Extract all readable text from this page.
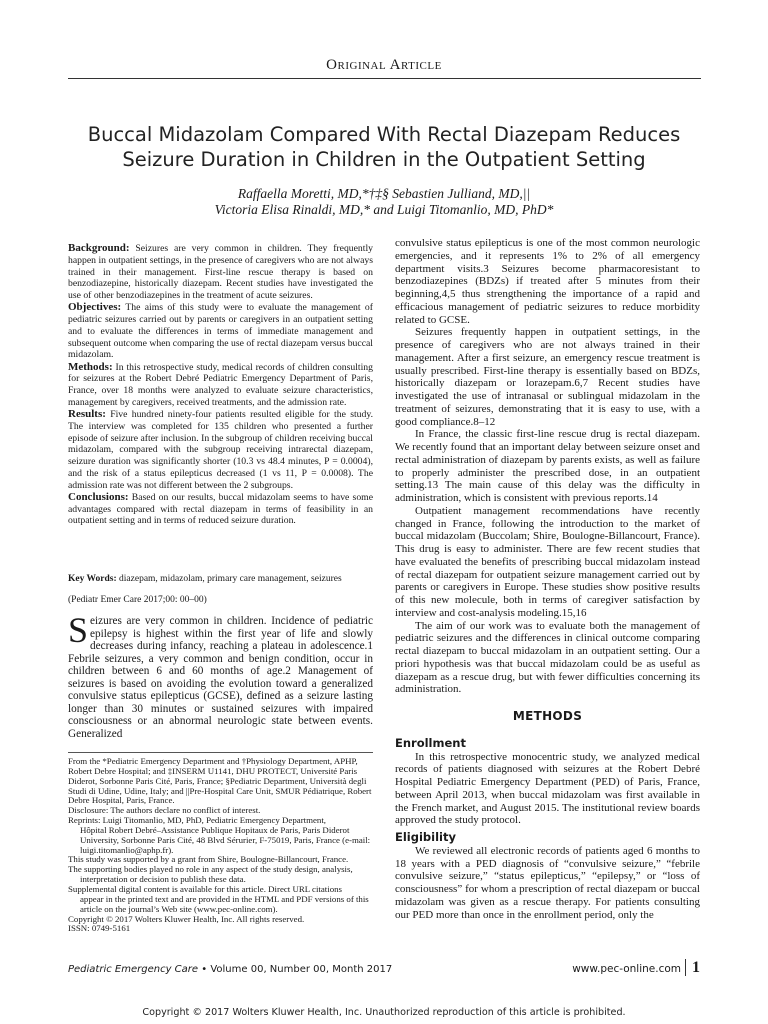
Original Article
Buccal Midazolam Compared With Rectal Diazepam Reduces Seizure Duration in Children in the Outpatient Setting
Raffaella Moretti, MD,*†‡§ Sebastien Julliand, MD,||
Victoria Elisa Rinaldi, MD,* and Luigi Titomanlio, MD, PhD*

Background: Seizures are very common in children. They frequently happen in outpatient settings, in the presence of caregivers who are not always trained in their management. First-line rescue therapy is based on benzodiazepine, historically diazepam. Recent studies have investigated the use of other benzodiazepines in the treatment of acute seizures.

Objectives: The aims of this study were to evaluate the management of pediatric seizures carried out by parents or caregivers in an outpatient setting and to evaluate the differences in terms of immediate management and subsequent outcome when comparing the use of rectal diazepam versus buccal midazolam.

Methods: In this retrospective study, medical records of children consulting for seizures at the Robert Debré Pediatric Emergency Department of Paris, France, over 18 months were analyzed to evaluate seizure characteristics, management by caregivers, received treatments, and the admission rate.

Results: Five hundred ninety-four patients resulted eligible for the study. The interview was completed for 135 children who presented a further episode of seizure after inclusion. In the subgroup of children receiving buccal midazolam, compared with the subgroup receiving intrarectal diazepam, seizure duration was significantly shorter (10.3 vs 48.4 minutes, P = 0.0004), and the risk of a status epilepticus decreased (1 vs 11, P = 0.0008). The admission rate was not different between the 2 subgroups.

Conclusions: Based on our results, buccal midazolam seems to have some advantages compared with rectal diazepam in terms of feasibility in an outpatient setting and in terms of reduced seizure duration.

Key Words: diazepam, midazolam, primary care management, seizures
(Pediatr Emer Care 2017;00: 00–00)
Seizures are very common in children. Incidence of pediatric epilepsy is highest within the first year of life and slowly decreases during infancy, reaching a plateau in adolescence.1 Febrile seizures, a very common and benign condition, occur in children between 6 and 60 months of age.2 Management of seizures is based on avoiding the evolution toward a generalized convulsive status epilepticus (GCSE), defined as a seizure lasting longer than 30 minutes or sustained seizures with impaired consciousness or an abnormal neurologic state between events. Generalized

From the *Pediatric Emergency Department and †Physiology Department, APHP, Robert Debre Hospital; and ‡INSERM U1141, DHU PROTECT, Université Paris Diderot, Sorbonne Paris Cité, Paris, France; §Pediatric Department, Università degli Studi di Udine, Udine, Italy; and ||Pre-Hospital Care Unit, SMUR Pédiatrique, Robert Debre Hospital, Paris, France.

Disclosure: The authors declare no conflict of interest.

Reprints: Luigi Titomanlio, MD, PhD, Pediatric Emergency Department,

Hôpital Robert Debré–Assistance Publique Hopitaux de Paris, Paris Diderot University, Sorbonne Paris Cité, 48 Blvd Sérurier, F-75019, Paris, France (e-mail: luigi.titomanlio@aphp.fr).

This study was supported by a grant from Shire, Boulogne-Billancourt, France.

The supporting bodies played no role in any aspect of the study design, analysis,

interpretation or decision to publish these data.

Supplemental digital content is available for this article. Direct URL citations

appear in the printed text and are provided in the HTML and PDF versions of this article on the journal’s Web site (www.pec-online.com).

Copyright © 2017 Wolters Kluwer Health, Inc. All rights reserved.

ISSN: 0749-5161

convulsive status epilepticus is one of the most common neurologic emergencies, and it represents 1% to 2% of all emergency department visits.3 Seizures become pharmacoresistant to benzodiazepines (BDZs) if treated after 5 minutes from their beginning,4,5 thus strengthening the importance of a rapid and efficacious management of pediatric seizures to reduce morbidity related to GCSE.

Seizures frequently happen in outpatient settings, in the presence of caregivers who are not always trained in their management. After a first seizure, an emergency rescue treatment is usually prescribed. First-line therapy is essentially based on BDZs, historically diazepam or lorazepam.6,7 Recent studies have investigated the use of intranasal or sublingual midazolam in the treatment of seizures, demonstrating that it is easy to use, with a good compliance.8–12

In France, the classic first-line rescue drug is rectal diazepam. We recently found that an important delay between seizure onset and rectal administration of diazepam by parents exists, as well as failure to properly administer the prescribed dose, in an outpatient setting.13 The main cause of this delay was the difficulty in administration, which is consistent with previous reports.14

Outpatient management recommendations have recently changed in France, following the introduction to the market of buccal midazolam (Buccolam; Shire, Boulogne-Billancourt, France). This drug is easy to administer. There are few recent studies that have evaluated the benefits of prescribing buccal midazolam instead of rectal diazepam for outpatient seizure management carried out by parents or caregivers in Europe. These studies show positive results of this new molecule, both in terms of caregiver satisfaction by interview and cost-analysis modeling.15,16

The aim of our work was to evaluate both the management of pediatric seizures and the differences in clinical outcome comparing rectal diazepam to buccal midazolam in an outpatient setting. Our a priori hypothesis was that buccal midazolam could be as useful as diazepam as a rescue drug, but with fewer difficulties concerning its administration.

METHODS
Enrollment

In this retrospective monocentric study, we analyzed medical records of patients diagnosed with seizures at the Robert Debré Hospital Pediatric Emergency Department (PED) of Paris, France, between April 2013, when buccal midazolam was first available in the French market, and August 2015. The institutional review boards approved the study protocol.

Eligibility

We reviewed all electronic records of patients aged 6 months to 18 years with a PED diagnosis of “convulsive seizure,” “febrile convulsive seizure,” “status epilepticus,” “epilepsy,” or “loss of consciousness” for whom a prescription of rectal diazepam or buccal midazolam was given as a rescue therapy. For patients consulting our PED more than once in the enrollment period, only the

Pediatric Emergency Care • Volume 00, Number 00, Month 2017	www.pec-online.com 1
Copyright © 2017 Wolters Kluwer Health, Inc. Unauthorized reproduction of this article is prohibited.
